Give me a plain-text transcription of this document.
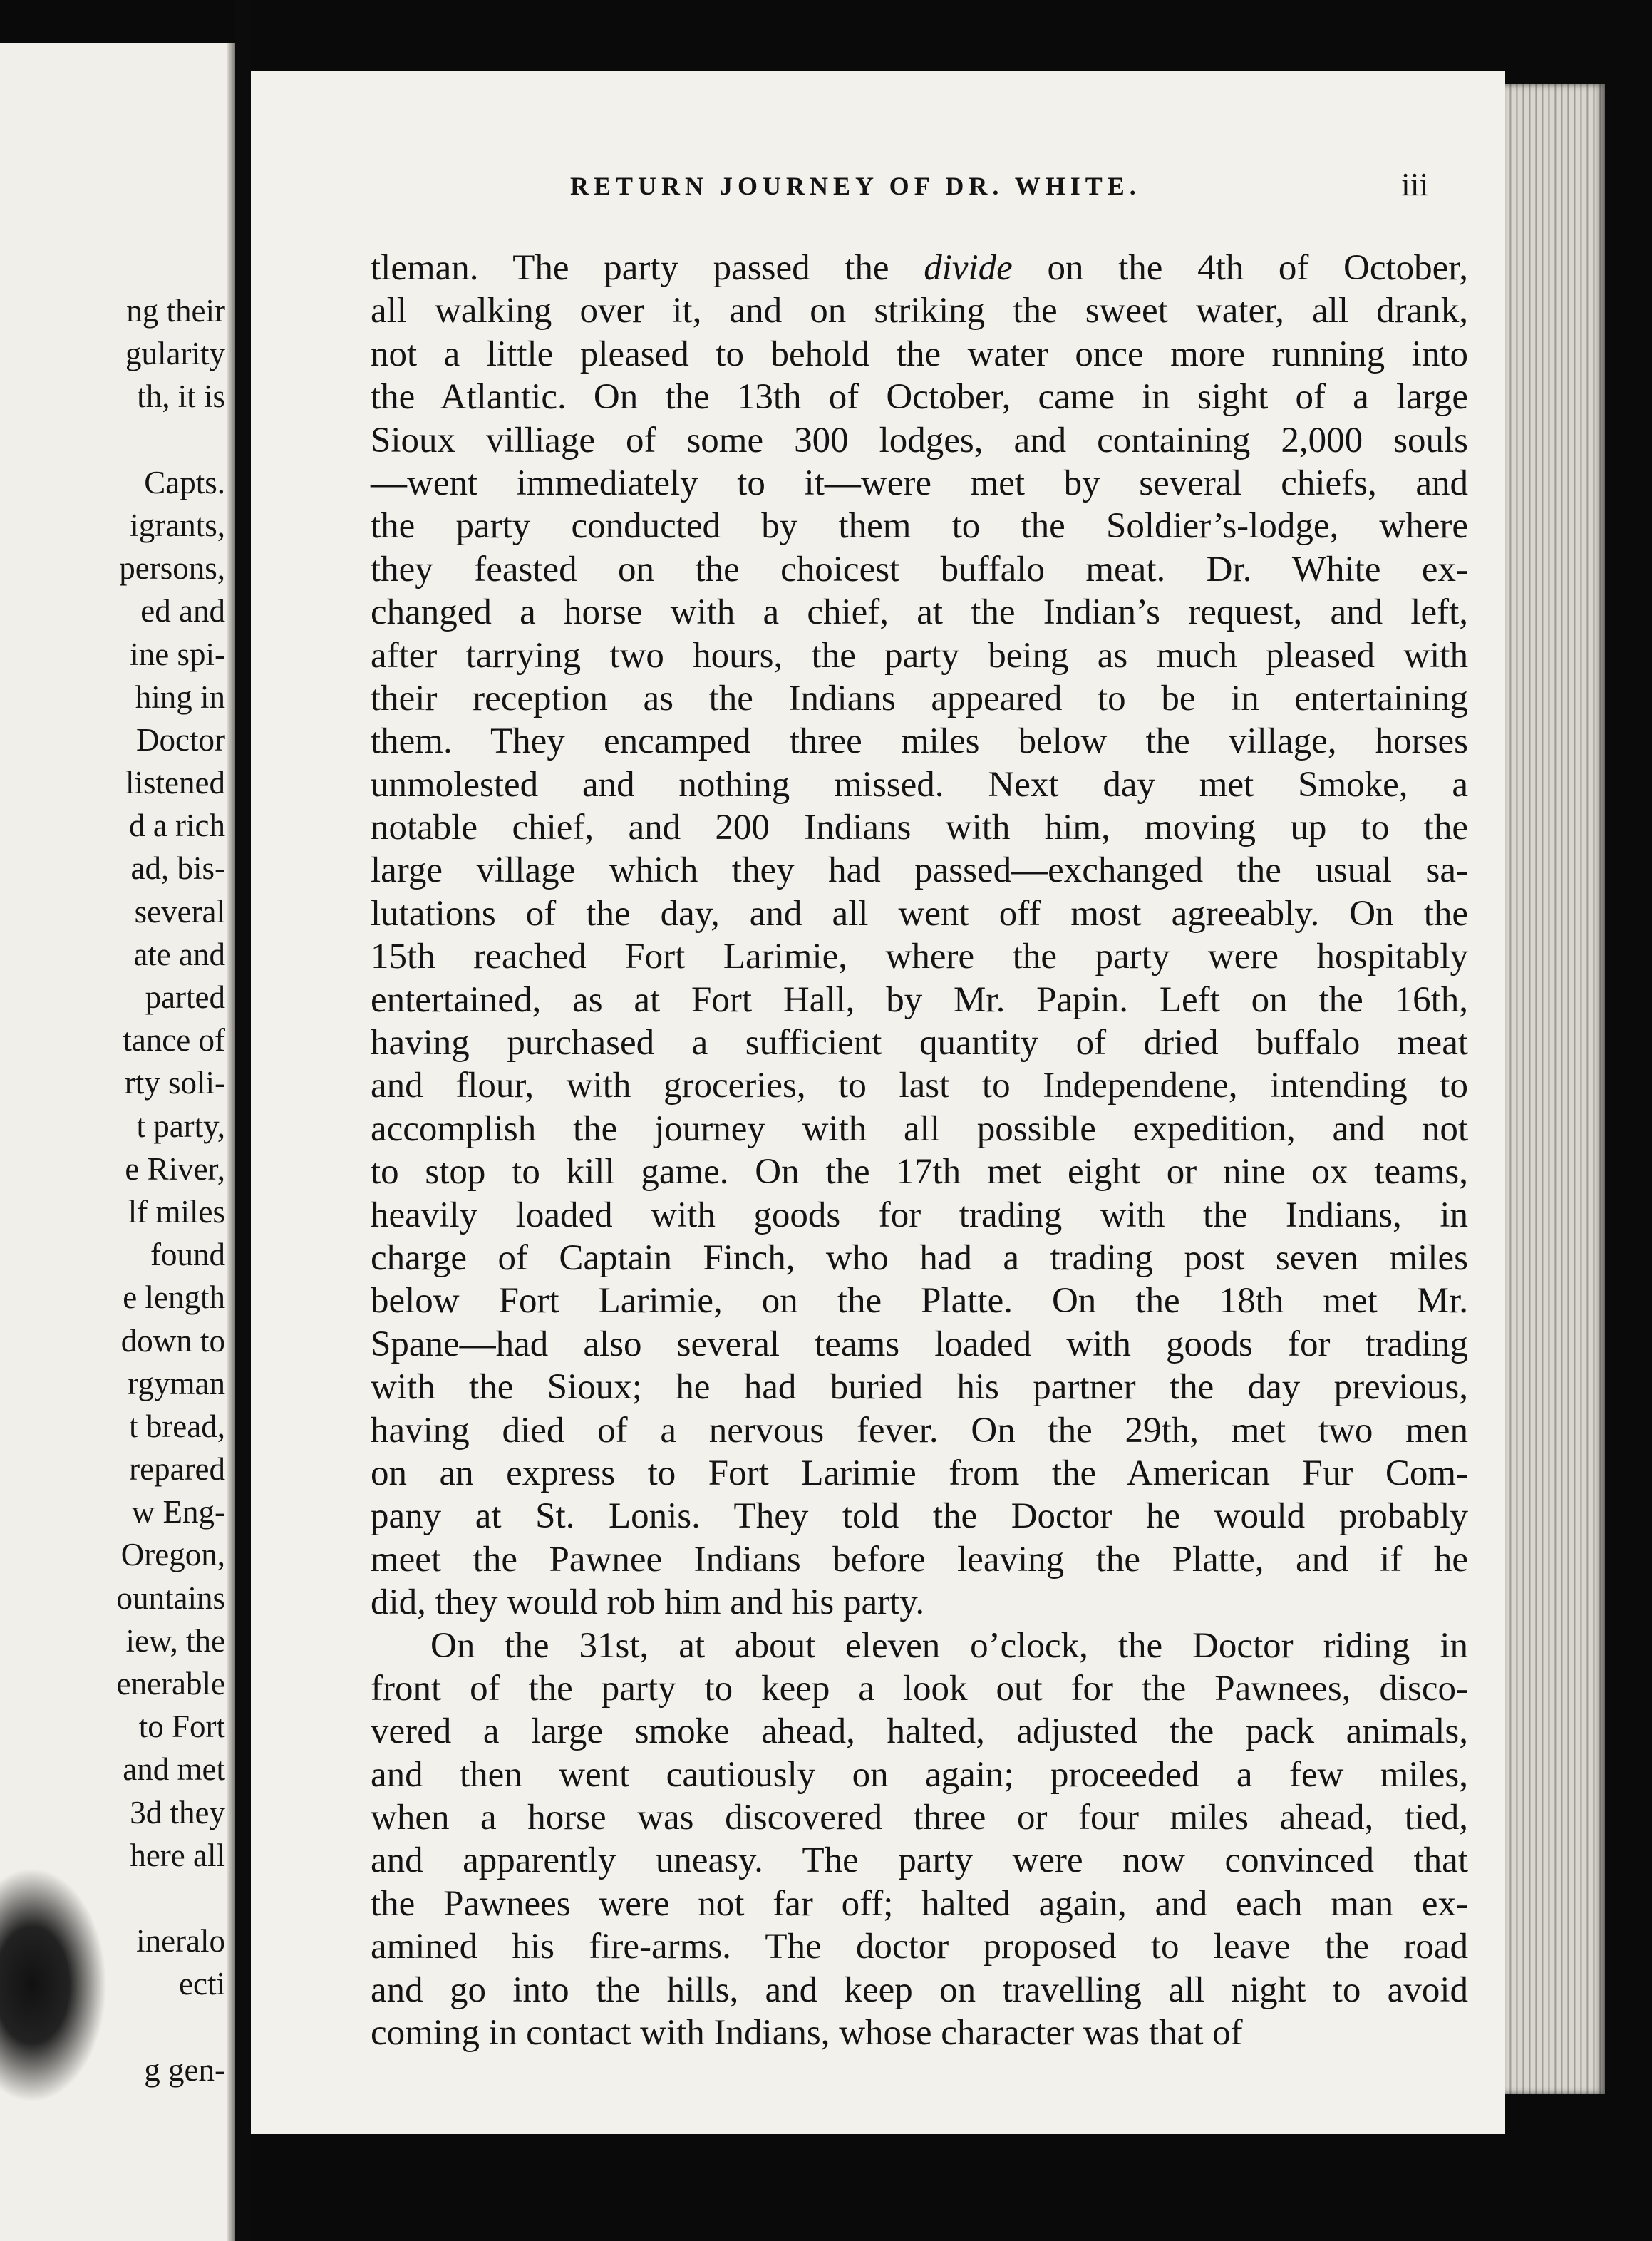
ng their
gularity
th, it is
Capts.
igrants,
persons,
ed and
ine spi-
hing in
Doctor
listened
d a rich
ad, bis-
several
ate and
parted
tance of
rty soli-
t party,
e River,
lf miles
found
e length
down to
rgyman
t bread,
repared
w Eng-
Oregon,
ountains
iew, the
enerable
to Fort
and met
3d they
here all
ineralo
ecti
g gen-
RETURN JOURNEY OF DR. WHITE.	iii
tleman. The party passed the divide on the 4th of October,
all walking over it, and on striking the sweet water, all drank,
not a little pleased to behold the water once more running into
the Atlantic. On the 13th of October, came in sight of a large
Sioux villiage of some 300 lodges, and containing 2,000 souls
—went immediately to it—were met by several chiefs, and
the party conducted by them to the Soldier’s-lodge, where
they feasted on the choicest buffalo meat. Dr. White ex-
changed a horse with a chief, at the Indian’s request, and left,
after tarrying two hours, the party being as much pleased with
their reception as the Indians appeared to be in entertaining
them. They encamped three miles below the village, horses
unmolested and nothing missed. Next day met Smoke, a
notable chief, and 200 Indians with him, moving up to the
large village which they had passed—exchanged the usual sa-
lutations of the day, and all went off most agreeably. On the
15th reached Fort Larimie, where the party were hospitably
entertained, as at Fort Hall, by Mr. Papin. Left on the 16th,
having purchased a sufficient quantity of dried buffalo meat
and flour, with groceries, to last to Independene, intending to
accomplish the journey with all possible expedition, and not
to stop to kill game. On the 17th met eight or nine ox teams,
heavily loaded with goods for trading with the Indians, in
charge of Captain Finch, who had a trading post seven miles
below Fort Larimie, on the Platte. On the 18th met Mr.
Spane—had also several teams loaded with goods for trading
with the Sioux; he had buried his partner the day previous,
having died of a nervous fever. On the 29th, met two men
on an express to Fort Larimie from the American Fur Com-
pany at St. Lonis. They told the Doctor he would probably
meet the Pawnee Indians before leaving the Platte, and if he
did, they would rob him and his party.
On the 31st, at about eleven o’clock, the Doctor riding in
front of the party to keep a look out for the Pawnees, disco-
vered a large smoke ahead, halted, adjusted the pack animals,
and then went cautiously on again; proceeded a few miles,
when a horse was discovered three or four miles ahead, tied,
and apparently uneasy. The party were now convinced that
the Pawnees were not far off; halted again, and each man ex-
amined his fire-arms. The doctor proposed to leave the road
and go into the hills, and keep on travelling all night to avoid
coming in contact with Indians, whose character was that of
